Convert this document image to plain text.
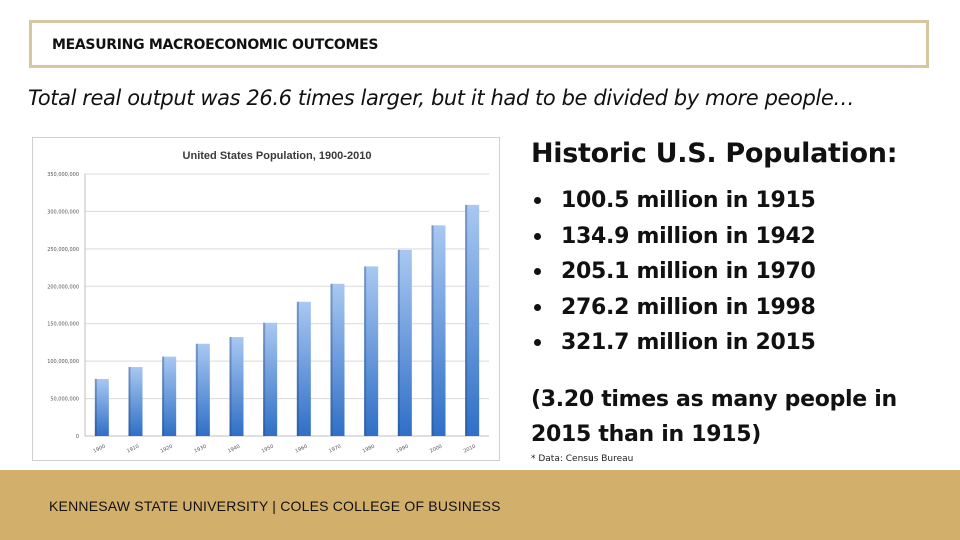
MEASURING MACROECONOMIC OUTCOMES
Total real output was 26.6 times larger, but it had to be divided by more people…
United States Population, 1900-2010
0
50,000,000
100,000,000
150,000,000
200,000,000
250,000,000
300,000,000
350,000,000
1900	1910	1920	1930	1940	1950	1960	1970	1980	1990	2000	2010
Historic U.S. Population:
100.5 million in 1915
134.9 million in 1942
205.1 million in 1970
276.2 million in 1998
321.7 million in 2015
(3.20 times as many people in 2015 than in 1915)
* Data: Census Bureau
KENNESAW STATE UNIVERSITY | COLES COLLEGE OF BUSINESS
